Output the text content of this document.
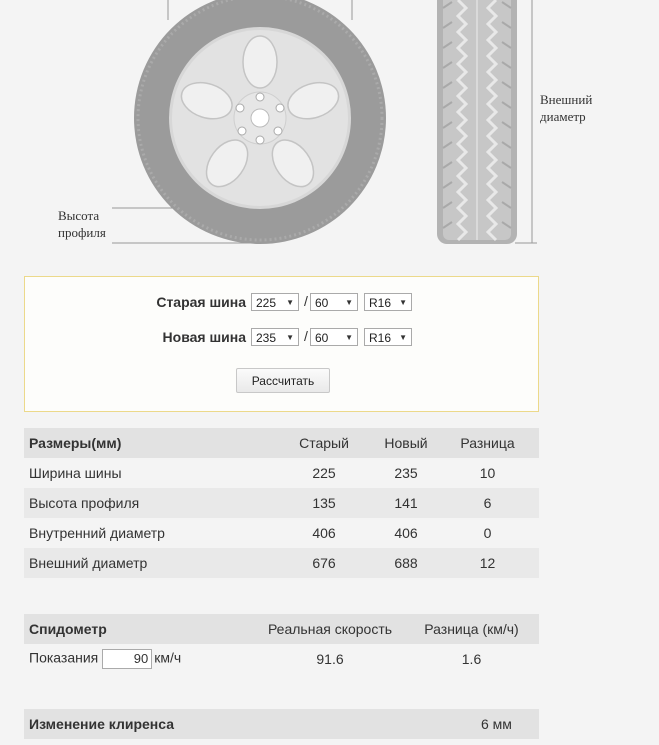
Высота
профиля
Внешний
диаметр
Старая шина 225 ▼ / 60 ▼	R16 ▼
Новая шина 235 ▼ / 60 ▼	R16 ▼
Рассчитать
Размеры(мм)	Старый	Новый	Разница
Ширина шины	225	235	10
Высота профиля	135	141	6
Внутренний диаметр	406	406	0
Внешний диаметр	676	688	12
Спидометр	Реальная скорость	Разница (км/ч)
Показания 90 км/ч	91.6	1.6
Изменение клиренса	6 мм
